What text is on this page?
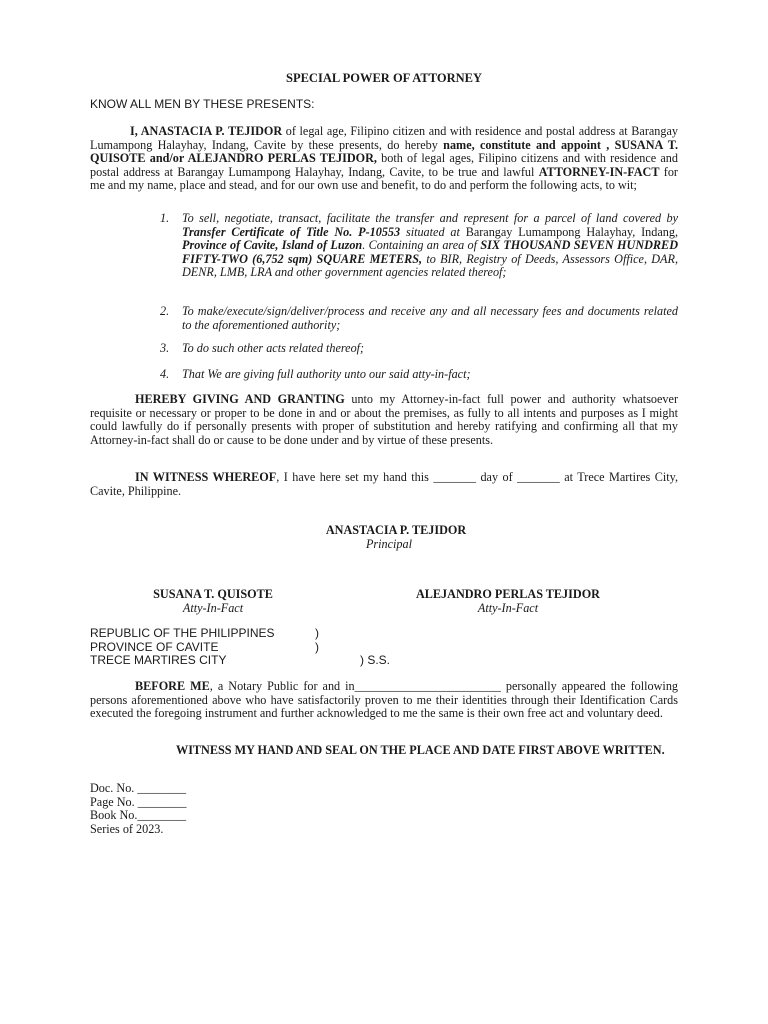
SPECIAL POWER OF ATTORNEY
KNOW ALL MEN BY THESE PRESENTS:
I, ANASTACIA P. TEJIDOR of legal age, Filipino citizen and with residence and postal address at Barangay Lumampong Halayhay, Indang, Cavite by these presents, do hereby name, constitute and appoint , SUSANA T. QUISOTE and/or ALEJANDRO PERLAS TEJIDOR, both of legal ages, Filipino citizens and with residence and postal address at Barangay Lumampong Halayhay, Indang, Cavite, to be true and lawful ATTORNEY-IN-FACT for me and my name, place and stead, and for our own use and benefit, to do and perform the following acts, to wit;
1.	To sell, negotiate, transact, facilitate the transfer and represent for a parcel of land covered by Transfer Certificate of Title No. P-10553 situated at Barangay Lumampong Halayhay, Indang, Province of Cavite, Island of Luzon. Containing an area of SIX THOUSAND SEVEN HUNDRED FIFTY-TWO (6,752 sqm) SQUARE METERS, to BIR, Registry of Deeds, Assessors Office, DAR, DENR, LMB, LRA and other government agencies related thereof;
2.	To make/execute/sign/deliver/process and receive any and all necessary fees and documents related to the aforementioned authority;
3.	To do such other acts related thereof;
4.	That We are giving full authority unto our said atty-in-fact;
HEREBY GIVING AND GRANTING unto my Attorney-in-fact full power and authority whatsoever requisite or necessary or proper to be done in and or about the premises, as fully to all intents and purposes as I might could lawfully do if personally presents with proper of substitution and hereby ratifying and confirming all that my Attorney-in-fact shall do or cause to be done under and by virtue of these presents.
IN WITNESS WHEREOF, I have here set my hand this _______ day of _______ at Trece Martires City, Cavite, Philippine.
ANASTACIA P. TEJIDOR
Principal
SUSANA T. QUISOTE
Atty-In-Fact
ALEJANDRO PERLAS TEJIDOR
Atty-In-Fact
REPUBLIC OF THE PHILIPPINES	)
PROVINCE OF CAVITE	)
TRECE MARTIRES CITY	) S.S.
BEFORE ME, a Notary Public for and in________________________ personally appeared the following persons aforementioned above who have satisfactorily proven to me their identities through their Identification Cards executed the foregoing instrument and further acknowledged to me the same is their own free act and voluntary deed.
WITNESS MY HAND AND SEAL ON THE PLACE AND DATE FIRST ABOVE WRITTEN.
Doc. No. ________
Page No. ________
Book No.________
Series of 2023.
